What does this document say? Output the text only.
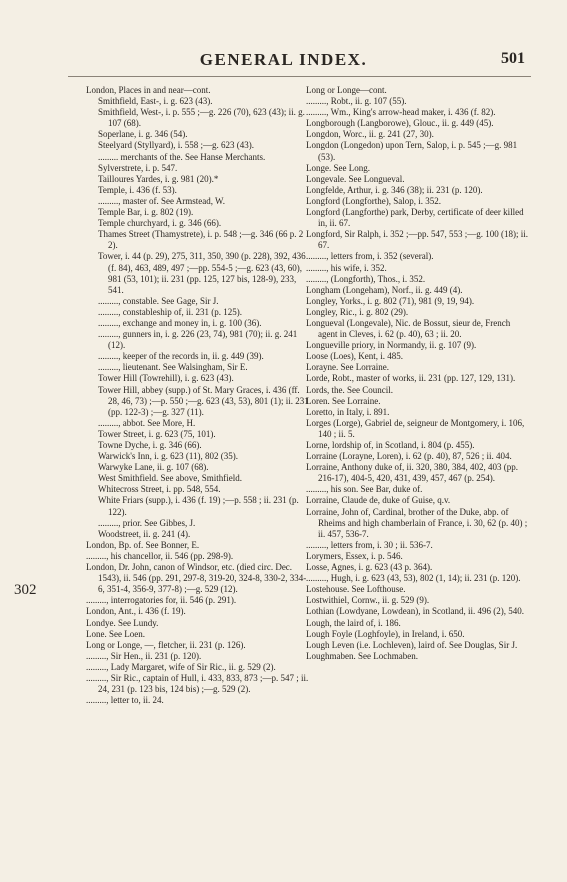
GENERAL INDEX.	501
302
London, Places in and near—cont.
Smithfield, East-, i. g. 623 (43).
Smithfield, West-, i. p. 555 ;—g. 226 (70), 623 (43); ii. g. 107 (68).
Soperlane, i. g. 346 (54).
Steelyard (Styllyard), i. 558 ;—g. 623 (43).
......... merchants of the. See Hanse Merchants.
Sylverstrete, i. p. 547.
Tailloures Yardes, i. g. 981 (20).*
Temple, i. 436 (f. 53).
........., master of. See Armstead, W.
Temple Bar, i. g. 802 (19).
Temple churchyard, i. g. 346 (66).
Thames Street (Thamystrete), i. p. 548 ;—g. 346 (66 p. 2 2).
Tower, i. 44 (p. 29), 275, 311, 350, 390 (p. 228), 392, 436 (f. 84), 463, 489, 497 ;—pp. 554-5 ;—g. 623 (43, 60), 981 (53, 101); ii. 231 (pp. 125, 127 bis, 128-9), 233, 541.
........., constable. See Gage, Sir J.
........., constableship of, ii. 231 (p. 125).
........., exchange and money in, i. g. 100 (36).
........., gunners in, i. g. 226 (23, 74), 981 (70); ii. g. 241 (12).
........., keeper of the records in, ii. g. 449 (39).
........., lieutenant. See Walsingham, Sir E.
Tower Hill (Towrehill), i. g. 623 (43).
Tower Hill, abbey (supp.) of St. Mary Graces, i. 436 (ff. 28, 46, 73) ;—p. 550 ;—g. 623 (43, 53), 801 (1); ii. 231 (pp. 122-3) ;—g. 327 (11).
........., abbot. See More, H.
Tower Street, i. g. 623 (75, 101).
Towne Dyche, i. g. 346 (66).
Warwick's Inn, i. g. 623 (11), 802 (35).
Warwyke Lane, ii. g. 107 (68).
West Smithfield. See above, Smithfield.
Whitecross Street, i. pp. 548, 554.
White Friars (supp.), i. 436 (f. 19) ;—p. 558 ; ii. 231 (p. 122).
........., prior. See Gibbes, J.
Woodstreet, ii. g. 241 (4).
London, Bp. of. See Bonner, E.
........., his chancellor, ii. 546 (pp. 298-9).
London, Dr. John, canon of Windsor, etc. (died circ. Dec. 1543), ii. 546 (pp. 291, 297-8, 319-20, 324-8, 330-2, 334-6, 351-4, 356-9, 377-8) ;—g. 529 (12).
........., interrogatories for, ii. 546 (p. 291).
London, Ant., i. 436 (f. 19).
Londye. See Lundy.
Lone. See Loen.
Long or Longe, —, fletcher, ii. 231 (p. 126).
........., Sir Hen., ii. 231 (p. 120).
........., Lady Margaret, wife of Sir Ric., ii. g. 529 (2).
........., Sir Ric., captain of Hull, i. 433, 833, 873 ;—p. 547 ; ii. 24, 231 (p. 123 bis, 124 bis) ;—g. 529 (2).
........., letter to, ii. 24.
Long or Longe—cont.
........., Robt., ii. g. 107 (55).
........., Wm., King's arrow-head maker, i. 436 (f. 82).
Longborough (Langborowe), Glouc., ii. g. 449 (45).
Longdon, Worc., ii. g. 241 (27, 30).
Longdon (Longedon) upon Tern, Salop, i. p. 545 ;—g. 981 (53).
Longe. See Long.
Longevale. See Longueval.
Longfelde, Arthur, i. g. 346 (38); ii. 231 (p. 120).
Longford (Longforthe), Salop, i. 352.
Longford (Langforthe) park, Derby, certificate of deer killed in, ii. 67.
Longford, Sir Ralph, i. 352 ;—pp. 547, 553 ;—g. 100 (18); ii. 67.
........., letters from, i. 352 (several).
........., his wife, i. 352.
........., (Longforth), Thos., i. 352.
Longham (Longeham), Norf., ii. g. 449 (4).
Longley, Yorks., i. g. 802 (71), 981 (9, 19, 94).
Longley, Ric., i. g. 802 (29).
Longueval (Longevale), Nic. de Bossut, sieur de, French agent in Cleves, i. 62 (p. 40), 63 ; ii. 20.
Longueville priory, in Normandy, ii. g. 107 (9).
Loose (Loes), Kent, i. 485.
Lorayne. See Lorraine.
Lorde, Robt., master of works, ii. 231 (pp. 127, 129, 131).
Lords, the. See Council.
Loren. See Lorraine.
Loretto, in Italy, i. 891.
Lorges (Lorge), Gabriel de, seigneur de Montgomery, i. 106, 140 ; ii. 5.
Lorne, lordship of, in Scotland, i. 804 (p. 455).
Lorraine (Lorayne, Loren), i. 62 (p. 40), 87, 526 ; ii. 404.
Lorraine, Anthony duke of, ii. 320, 380, 384, 402, 403 (pp. 216-17), 404-5, 420, 431, 439, 457, 467 (p. 254).
........., his son. See Bar, duke of.
Lorraine, Claude de, duke of Guise, q.v.
Lorraine, John of, Cardinal, brother of the Duke, abp. of Rheims and high chamberlain of France, i. 30, 62 (p. 40) ; ii. 457, 536-7.
........., letters from, i. 30 ; ii. 536-7.
Lorymers, Essex, i. p. 546.
Losse, Agnes, i. g. 623 (43 p. 364).
........., Hugh, i. g. 623 (43, 53), 802 (1, 14); ii. 231 (p. 120).
Lostehouse. See Lofthouse.
Lostwithiel, Cornw., ii. g. 529 (9).
Lothian (Lowdyane, Lowdean), in Scotland, ii. 496 (2), 540.
Lough, the laird of, i. 186.
Lough Foyle (Loghfoyle), in Ireland, i. 650.
Lough Leven (i.e. Lochleven), laird of. See Douglas, Sir J.
Loughmaben. See Lochmaben.
